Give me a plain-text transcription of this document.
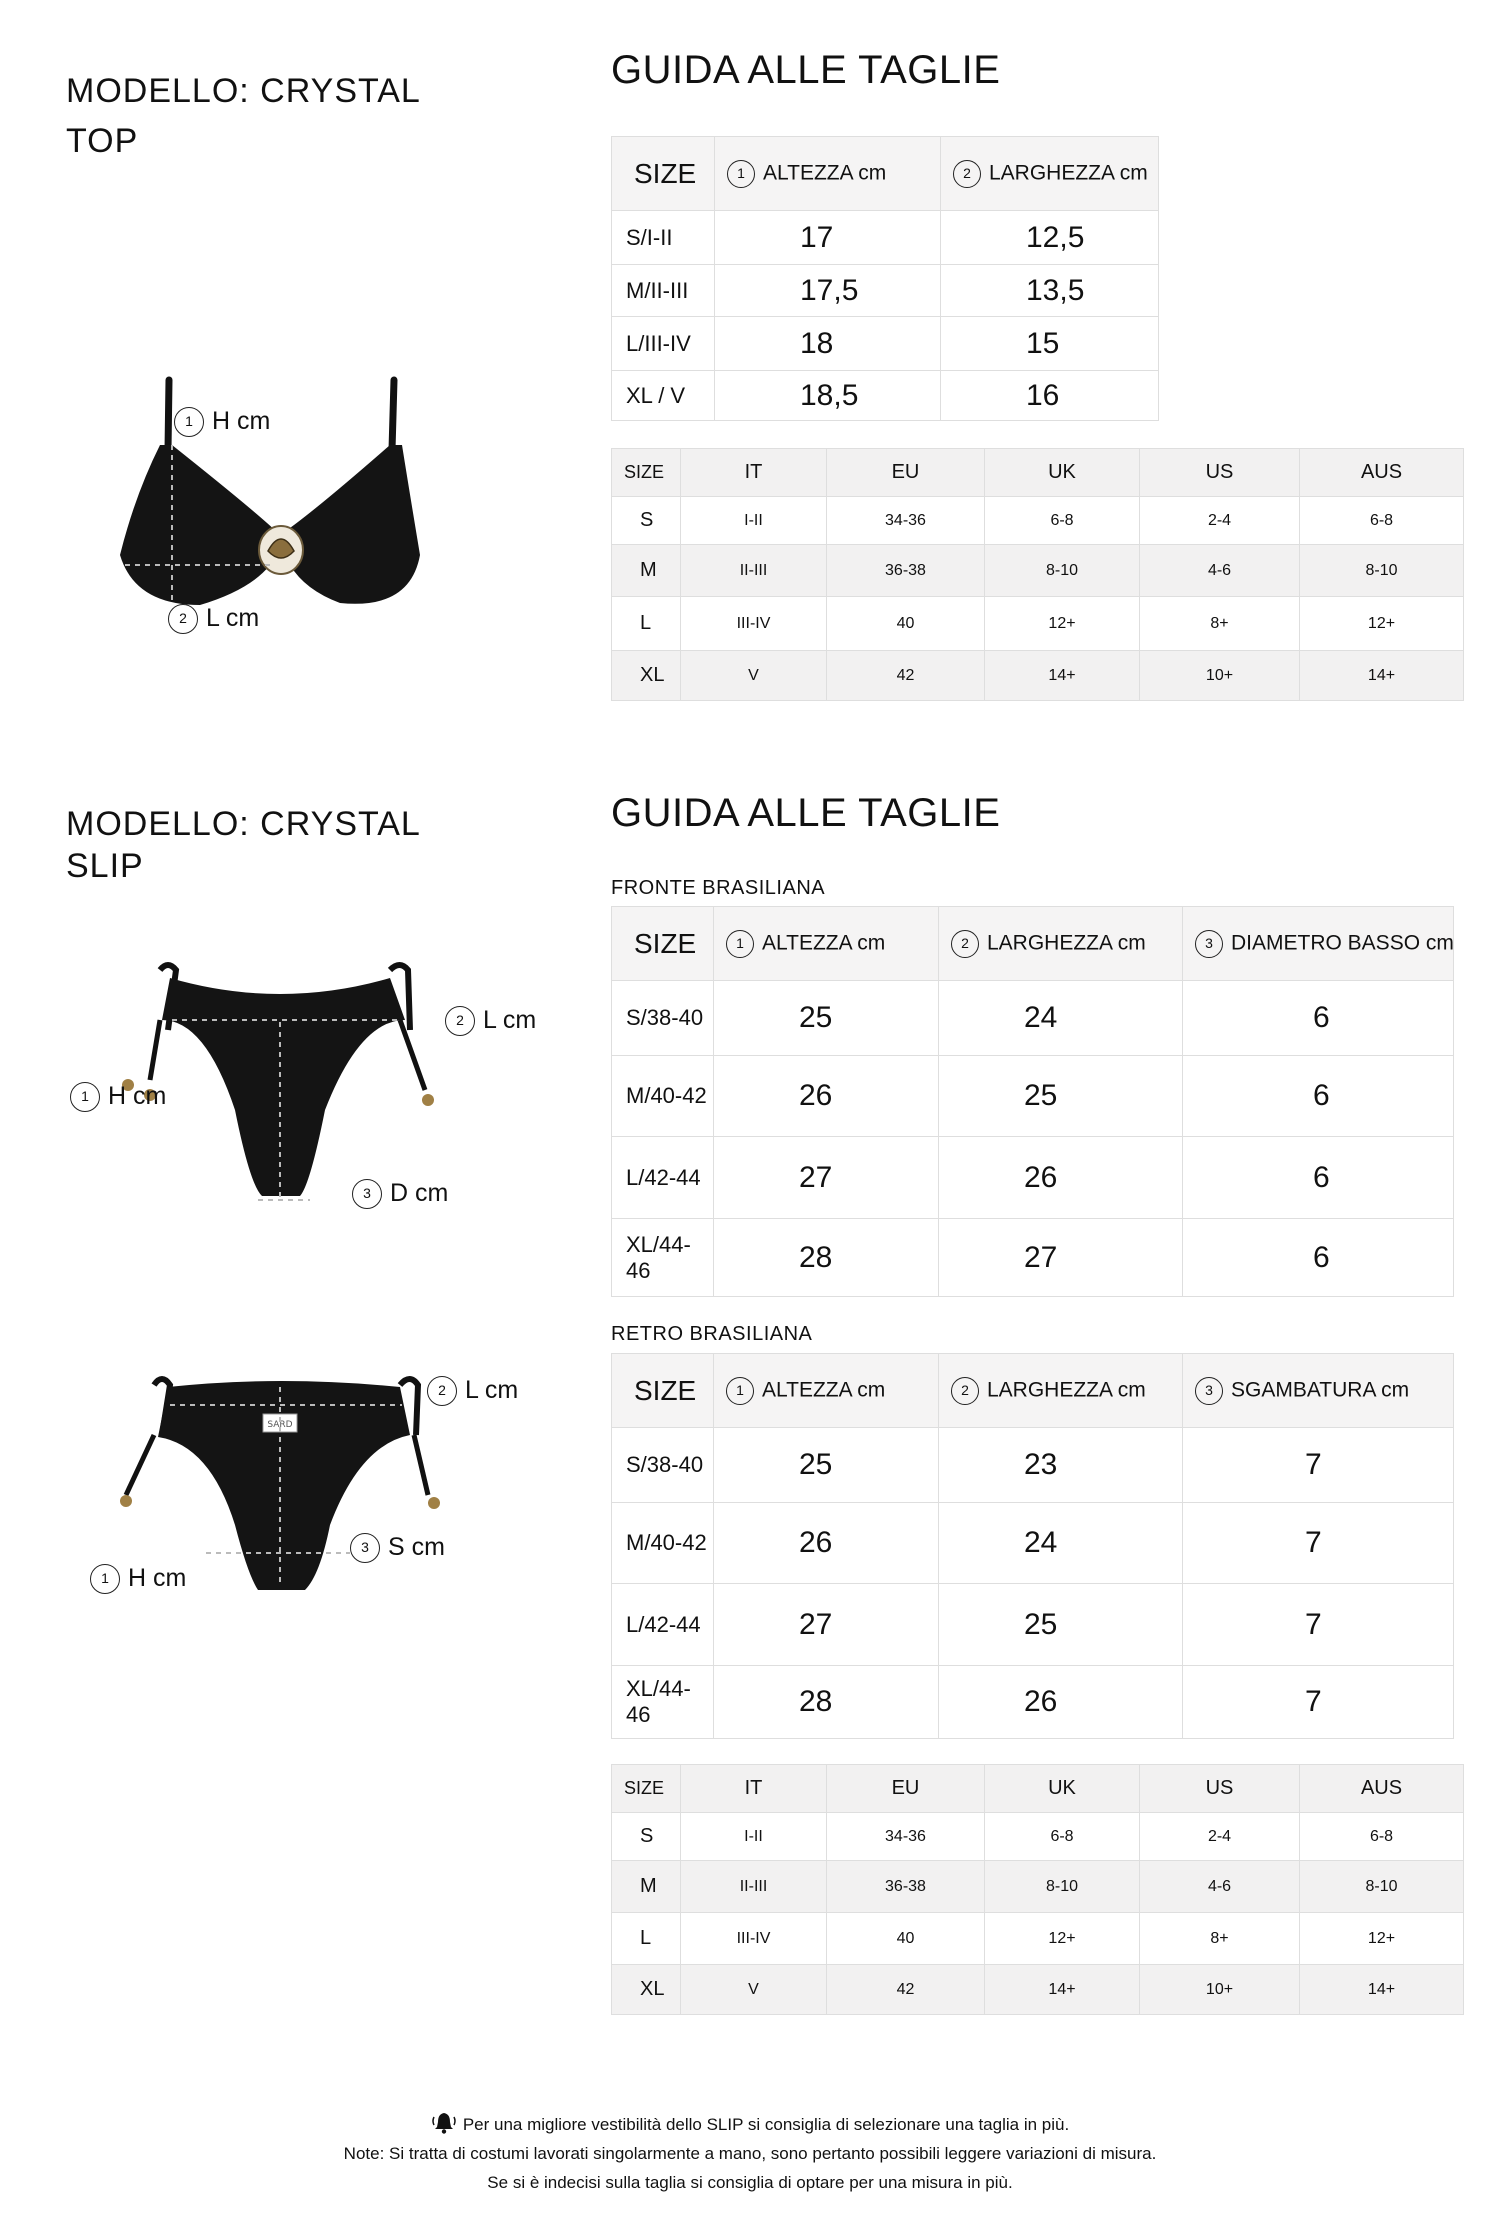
MODELLO: CRYSTAL
TOP
GUIDA ALLE TAGLIE
1 H cm
2 L cm
SIZE	1 ALTEZZA cm	2 LARGHEZZA cm
S/I-II	17	12,5
M/II-III	17,5	13,5
L/III-IV	18	15
XL / V	18,5	16
SIZE	IT	EU	UK	US	AUS
S	I-II	34-36	6-8	2-4	6-8
M	II-III	36-38	8-10	4-6	8-10
L	III-IV	40	12+	8+	12+
XL	V	42	14+	10+	14+
MODELLO: CRYSTAL
SLIP
GUIDA ALLE TAGLIE
2 L cm
1 H cm
3 D cm
SARD
2 L cm
3 S cm
1 H cm
FRONTE BRASILIANA
SIZE	1 ALTEZZA cm	2 LARGHEZZA cm	3 DIAMETRO BASSO cm
S/38-40	25	24	6
M/40-42	26	25	6
L/42-44	27	26	6
XL/44-46	28	27	6
RETRO BRASILIANA
SIZE	1 ALTEZZA cm	2 LARGHEZZA cm	3 SGAMBATURA cm
S/38-40	25	23	7
M/40-42	26	24	7
L/42-44	27	25	7
XL/44-46	28	26	7
SIZE	IT	EU	UK	US	AUS
S	I-II	34-36	6-8	2-4	6-8
M	II-III	36-38	8-10	4-6	8-10
L	III-IV	40	12+	8+	12+
XL	V	42	14+	10+	14+
Per una migliore vestibilità dello SLIP si consiglia di selezionare una taglia in più.
Note: Si tratta di costumi lavorati singolarmente a mano, sono pertanto possibili leggere variazioni di misura.
Se si è indecisi sulla taglia si consiglia di optare per una misura in più.
